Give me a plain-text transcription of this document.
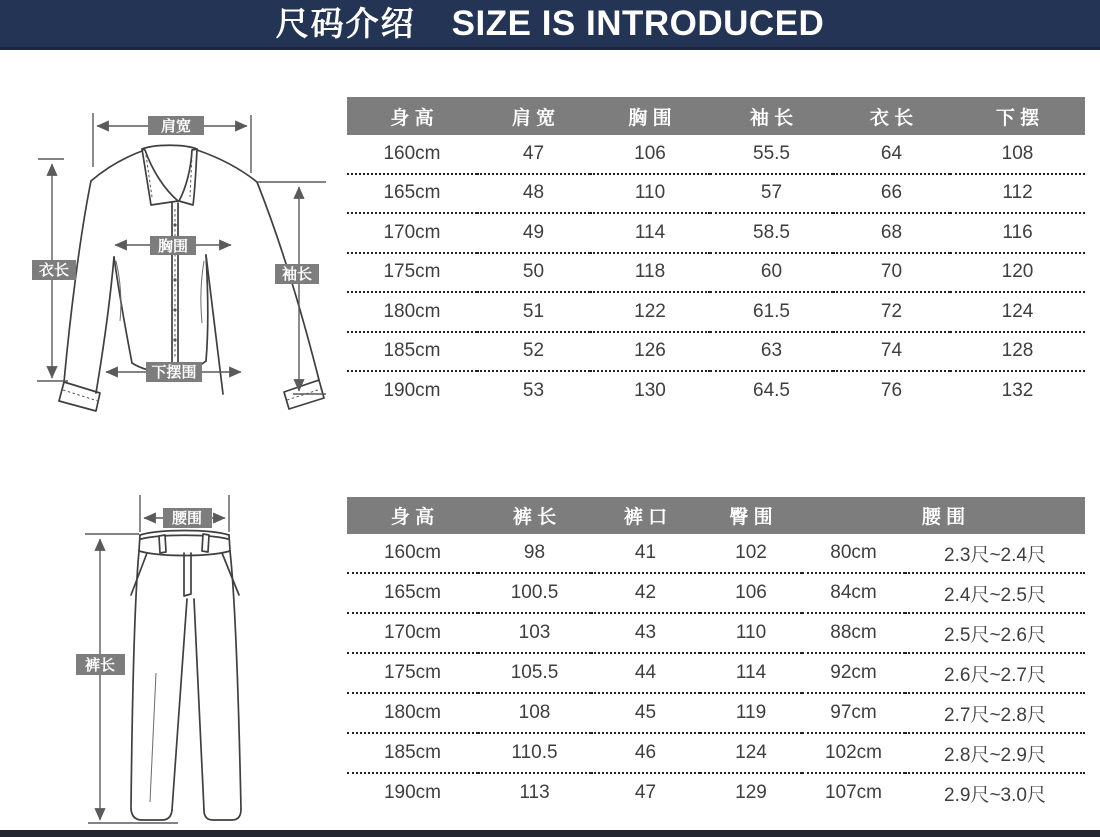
尺码介绍 SIZE IS INTRODUCED
肩宽
衣长	袖长
胸围
下摆围
腰围
裤长
身 高	肩 宽	胸 围	袖 长	衣 长	下 摆
160cm	47	106	55.5	64	108
165cm	48	110	57	66	112
170cm	49	114	58.5	68	116
175cm	50	118	60	70	120
180cm	51	122	61.5	72	124
185cm	52	126	63	74	128
190cm	53	130	64.5	76	132
身 高	裤 长	裤 口	臀 围	腰 围	
160cm	98	41	102	80cm	2.3尺~2.4尺
165cm	100.5	42	106	84cm	2.4尺~2.5尺
170cm	103	43	110	88cm	2.5尺~2.6尺
175cm	105.5	44	114	92cm	2.6尺~2.7尺
180cm	108	45	119	97cm	2.7尺~2.8尺
185cm	110.5	46	124	102cm	2.8尺~2.9尺
190cm	113	47	129	107cm	2.9尺~3.0尺
